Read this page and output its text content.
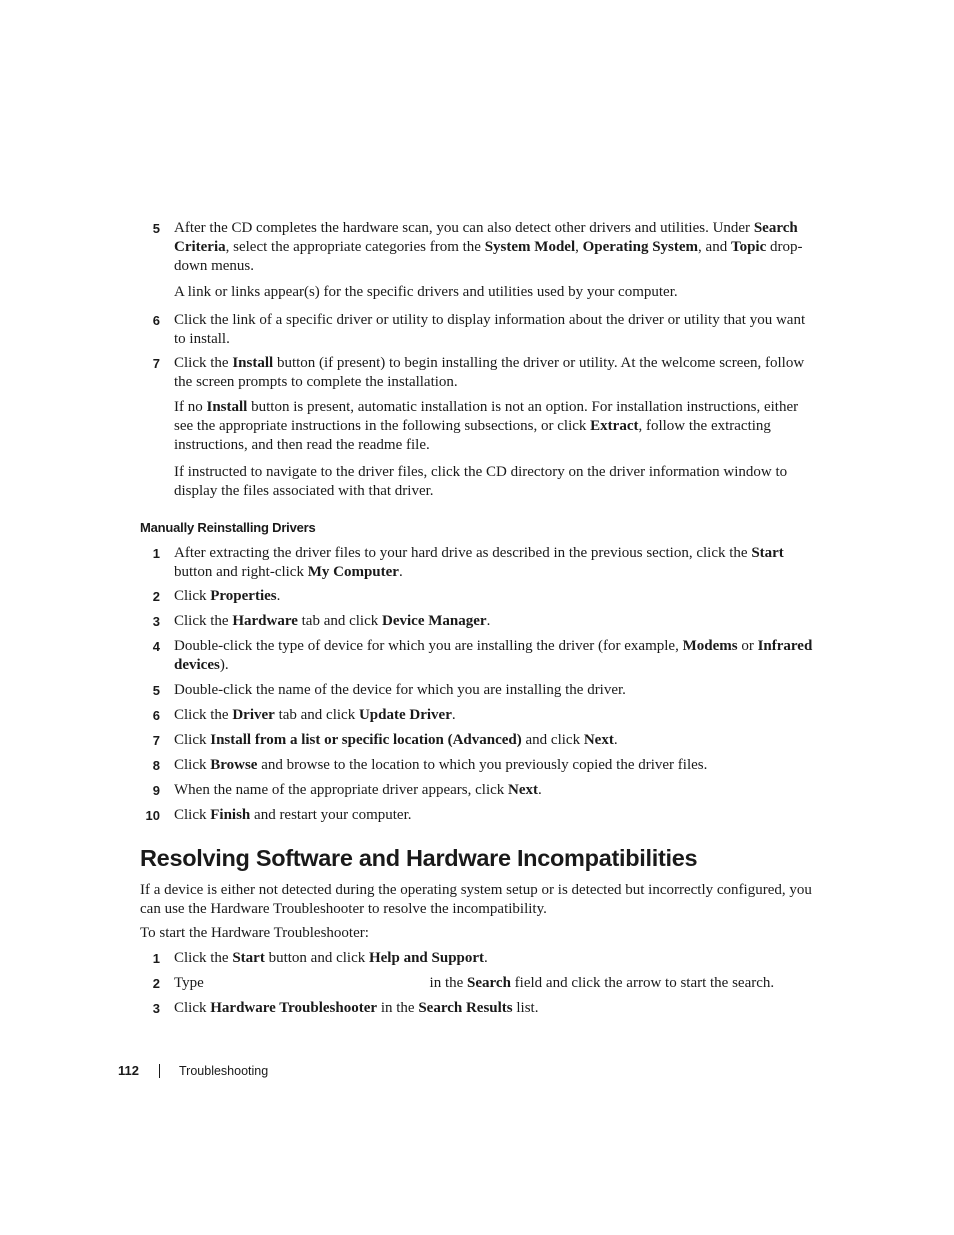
5 After the CD completes the hardware scan, you can also detect other drivers and utilities. Under Search Criteria, select the appropriate categories from the System Model, Operating System, and Topic drop-down menus.
A link or links appear(s) for the specific drivers and utilities used by your computer.
6 Click the link of a specific driver or utility to display information about the driver or utility that you want to install.
7 Click the Install button (if present) to begin installing the driver or utility. At the welcome screen, follow the screen prompts to complete the installation.
If no Install button is present, automatic installation is not an option. For installation instructions, either see the appropriate instructions in the following subsections, or click Extract, follow the extracting instructions, and then read the readme file.
If instructed to navigate to the driver files, click the CD directory on the driver information window to display the files associated with that driver.
Manually Reinstalling Drivers
1 After extracting the driver files to your hard drive as described in the previous section, click the Start button and right-click My Computer.
2 Click Properties.
3 Click the Hardware tab and click Device Manager.
4 Double-click the type of device for which you are installing the driver (for example, Modems or Infrared devices).
5 Double-click the name of the device for which you are installing the driver.
6 Click the Driver tab and click Update Driver.
7 Click Install from a list or specific location (Advanced) and click Next.
8 Click Browse and browse to the location to which you previously copied the driver files.
9 When the name of the appropriate driver appears, click Next.
10 Click Finish and restart your computer.
Resolving Software and Hardware Incompatibilities
If a device is either not detected during the operating system setup or is detected but incorrectly configured, you can use the Hardware Troubleshooter to resolve the incompatibility.
To start the Hardware Troubleshooter:
1 Click the Start button and click Help and Support.
2 Type	in the Search field and click the arrow to start the search.
3 Click Hardware Troubleshooter in the Search Results list.
112	Troubleshooting
